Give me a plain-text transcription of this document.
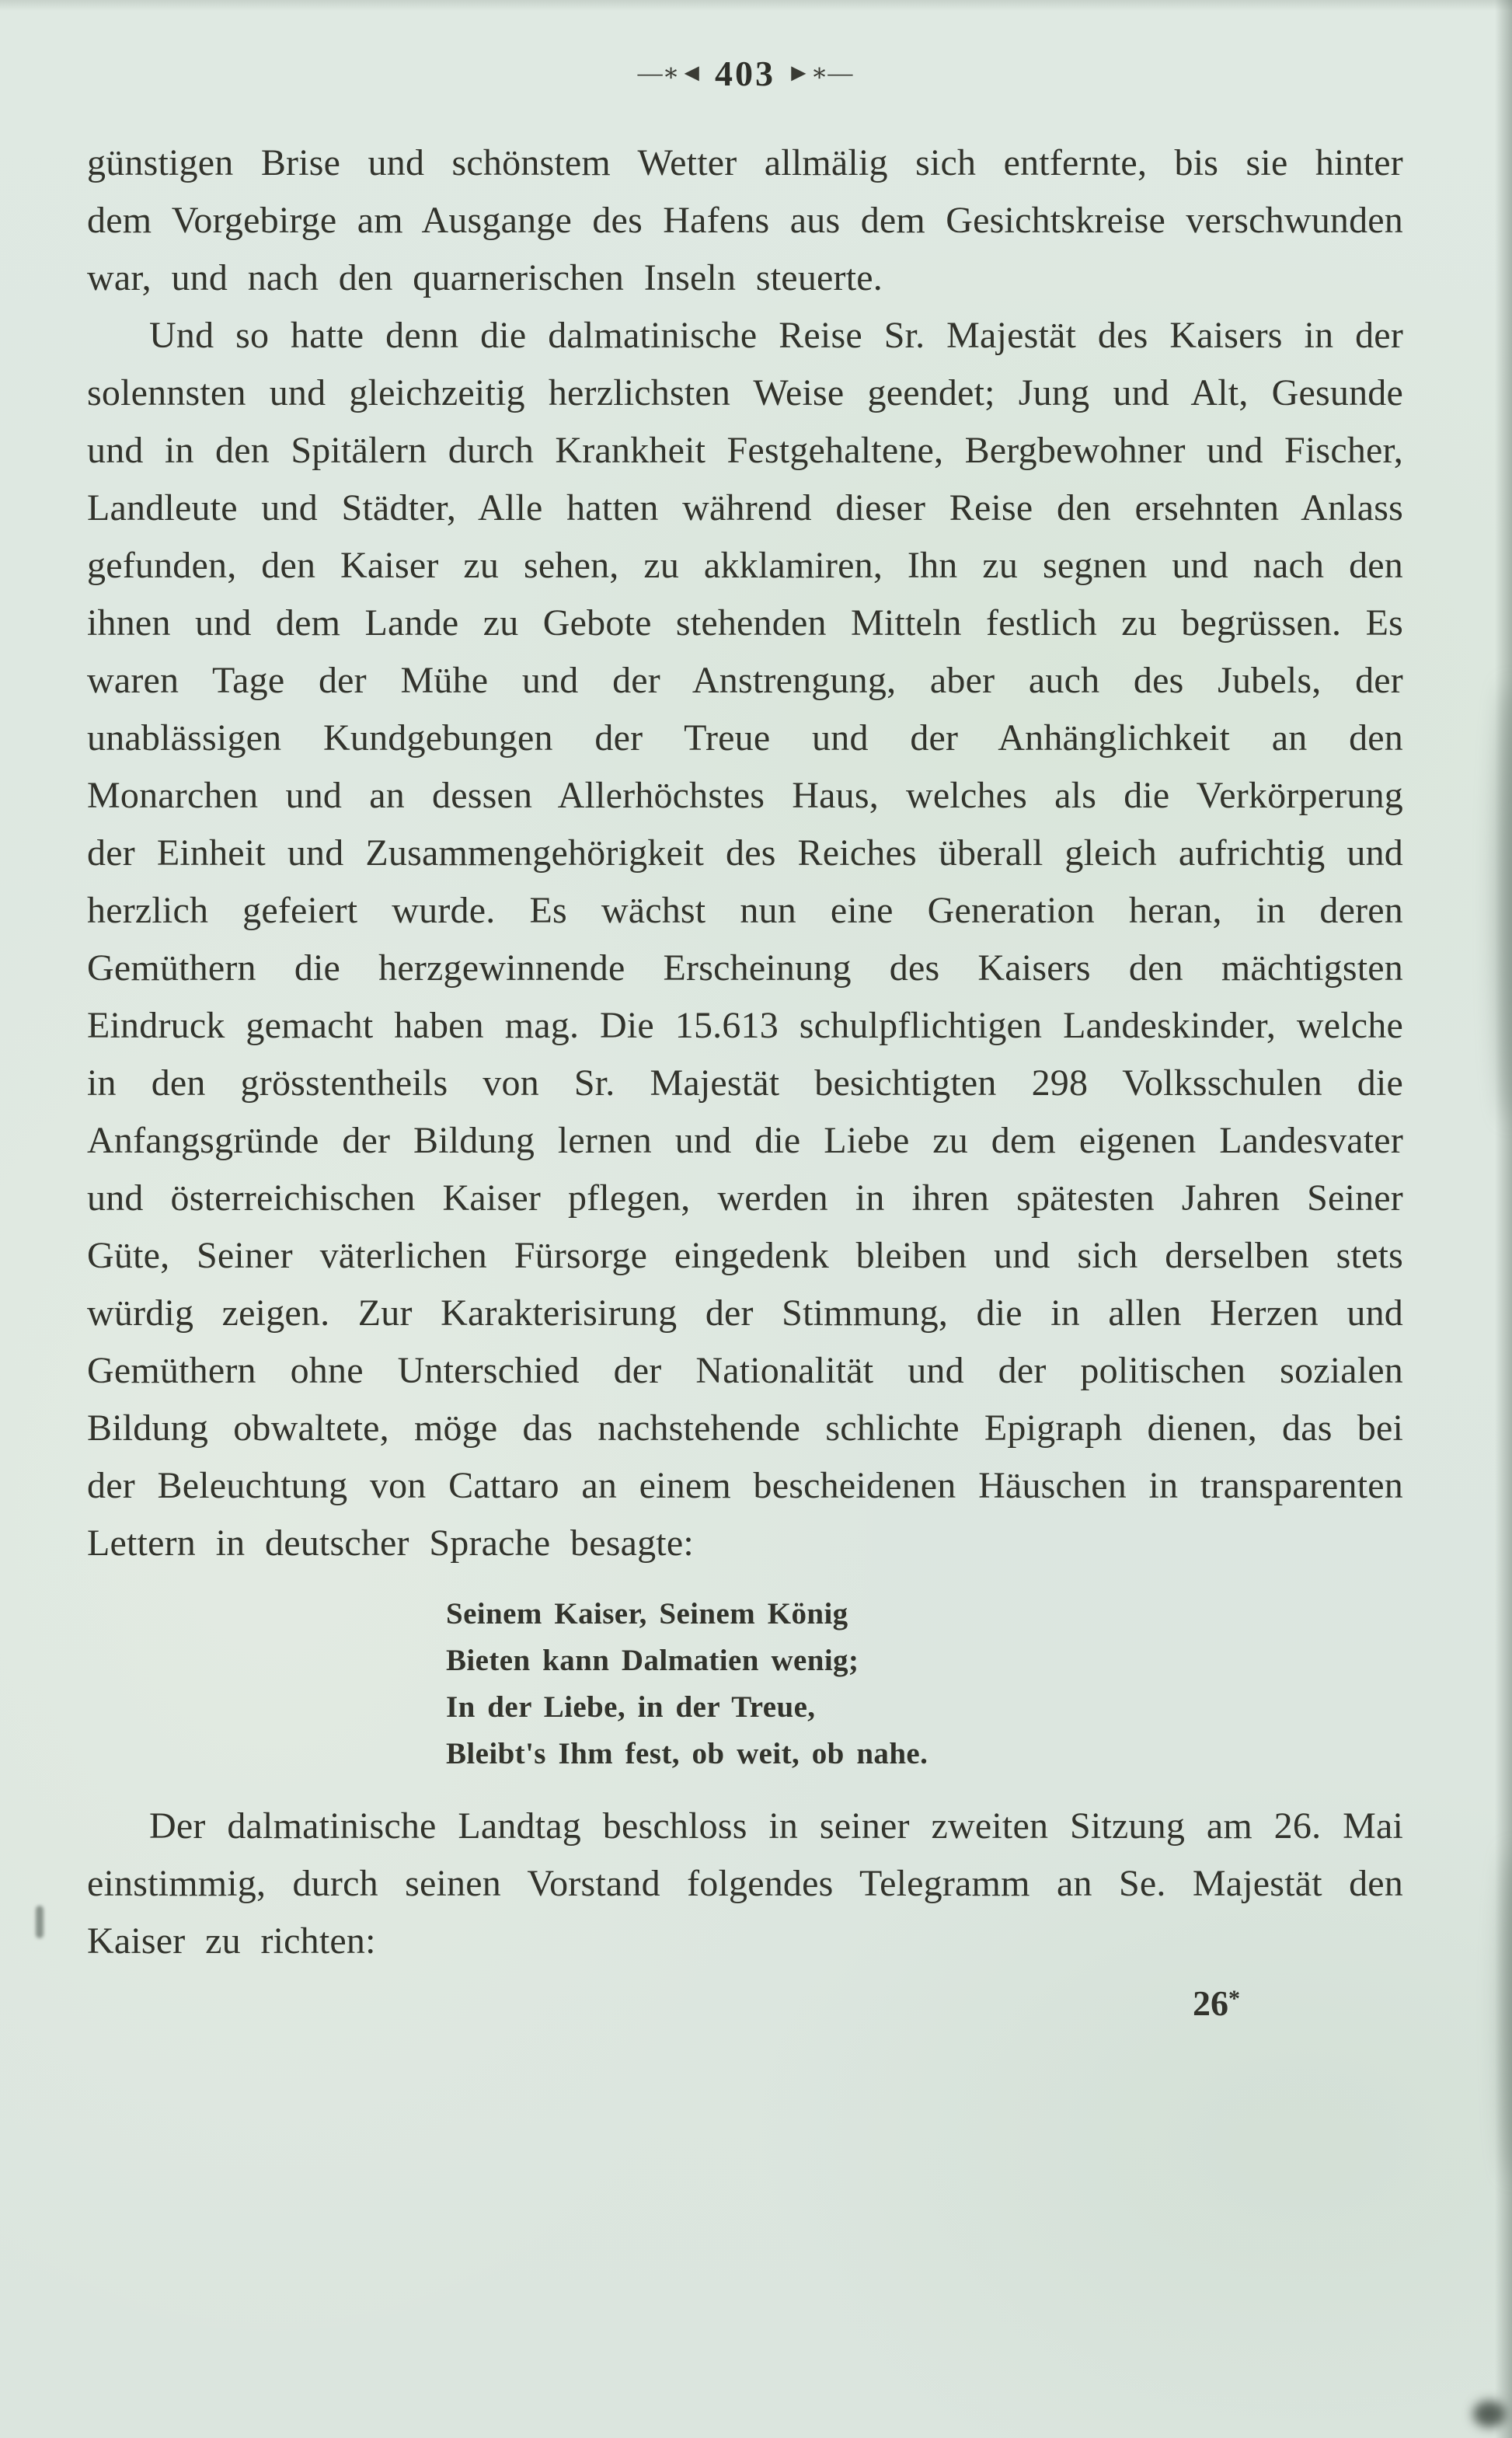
—∗◄ 403 ►∗—

günstigen Brise und schönstem Wetter allmälig sich entfernte, bis sie hinter dem Vorgebirge am Ausgange des Hafens aus dem Gesichtskreise verschwunden war, und nach den quarnerischen Inseln steuerte.

Und so hatte denn die dalmatinische Reise Sr. Majestät des Kaisers in der solennsten und gleichzeitig herzlichsten Weise geendet; Jung und Alt, Gesunde und in den Spitälern durch Krankheit Festgehaltene, Bergbewohner und Fischer, Landleute und Städter, Alle hatten während dieser Reise den ersehnten Anlass gefunden, den Kaiser zu sehen, zu akklamiren, Ihn zu segnen und nach den ihnen und dem Lande zu Gebote stehenden Mitteln festlich zu begrüssen. Es waren Tage der Mühe und der Anstrengung, aber auch des Jubels, der unablässigen Kundgebungen der Treue und der Anhänglichkeit an den Monarchen und an dessen Allerhöchstes Haus, welches als die Verkörperung der Einheit und Zusammengehörigkeit des Reiches überall gleich aufrichtig und herzlich gefeiert wurde. Es wächst nun eine Generation heran, in deren Gemüthern die herzgewinnende Erscheinung des Kaisers den mächtigsten Eindruck gemacht haben mag. Die 15.613 schulpflichtigen Landeskinder, welche in den grösstentheils von Sr. Majestät besichtigten 298 Volksschulen die Anfangsgründe der Bildung lernen und die Liebe zu dem eigenen Landesvater und österreichischen Kaiser pflegen, werden in ihren spätesten Jahren Seiner Güte, Seiner väterlichen Fürsorge eingedenk bleiben und sich derselben stets würdig zeigen. Zur Karakterisirung der Stimmung, die in allen Herzen und Gemüthern ohne Unterschied der Nationalität und der politischen sozialen Bildung obwaltete, möge das nachstehende schlichte Epigraph dienen, das bei der Beleuchtung von Cattaro an einem bescheidenen Häuschen in transparenten Lettern in deutscher Sprache besagte:

Seinem Kaiser, Seinem König
Bieten kann Dalmatien wenig;
In der Liebe, in der Treue,
Bleibt's Ihm fest, ob weit, ob nahe.

Der dalmatinische Landtag beschloss in seiner zweiten Sitzung am 26. Mai einstimmig, durch seinen Vorstand folgendes Telegramm an Se. Majestät den Kaiser zu richten:

26*
